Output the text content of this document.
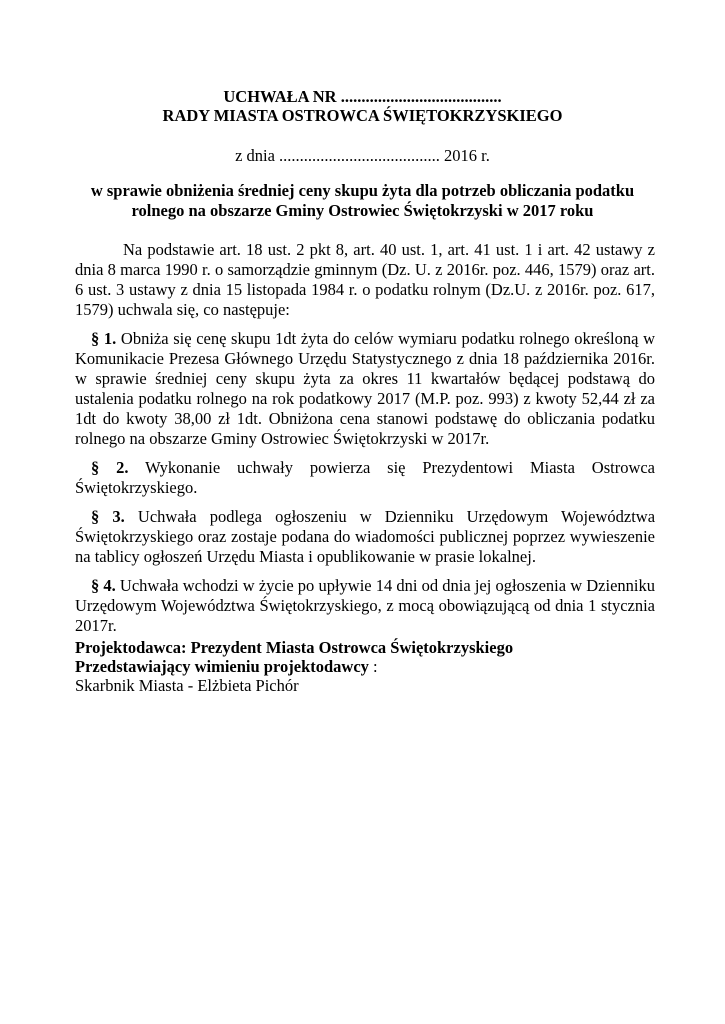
UCHWAŁA NR .......................................
RADY MIASTA OSTROWCA ŚWIĘTOKRZYSKIEGO
z dnia ....................................... 2016 r.
w sprawie obniżenia średniej ceny skupu żyta dla potrzeb obliczania podatku
rolnego na obszarze Gminy Ostrowiec Świętokrzyski w 2017 roku

Na podstawie art. 18 ust. 2 pkt 8, art. 40 ust. 1, art. 41 ust. 1 i art. 42 ustawy z dnia 8 marca 1990 r. o samorządzie gminnym (Dz. U. z 2016r. poz. 446, 1579) oraz art. 6 ust. 3 ustawy z dnia 15 listopada 1984 r. o podatku rolnym (Dz.U. z 2016r. poz. 617, 1579) uchwala się, co następuje:

§ 1. Obniża się cenę skupu 1dt żyta do celów wymiaru podatku rolnego określoną w Komunikacie Prezesa Głównego Urzędu Statystycznego z dnia 18 października 2016r. w sprawie średniej ceny skupu żyta za okres 11 kwartałów będącej podstawą do ustalenia podatku rolnego na rok podatkowy 2017 (M.P. poz. 993) z kwoty 52,44 zł za 1dt do kwoty 38,00 zł 1dt. Obniżona cena stanowi podstawę do obliczania podatku rolnego na obszarze Gminy Ostrowiec Świętokrzyski w 2017r.

§ 2. Wykonanie uchwały powierza się Prezydentowi Miasta Ostrowca Świętokrzyskiego.

§ 3. Uchwała podlega ogłoszeniu w Dzienniku Urzędowym Województwa Świętokrzyskiego oraz zostaje podana do wiadomości publicznej poprzez wywieszenie na tablicy ogłoszeń Urzędu Miasta i opublikowanie w prasie lokalnej.

§ 4. Uchwała wchodzi w życie po upływie 14 dni od dnia jej ogłoszenia w Dzienniku Urzędowym Województwa Świętokrzyskiego, z mocą obowiązującą od dnia 1 stycznia 2017r.

Projektodawca: Prezydent Miasta Ostrowca Świętokrzyskiego
Przedstawiający wimieniu projektodawcy :
Skarbnik Miasta - Elżbieta Pichór
